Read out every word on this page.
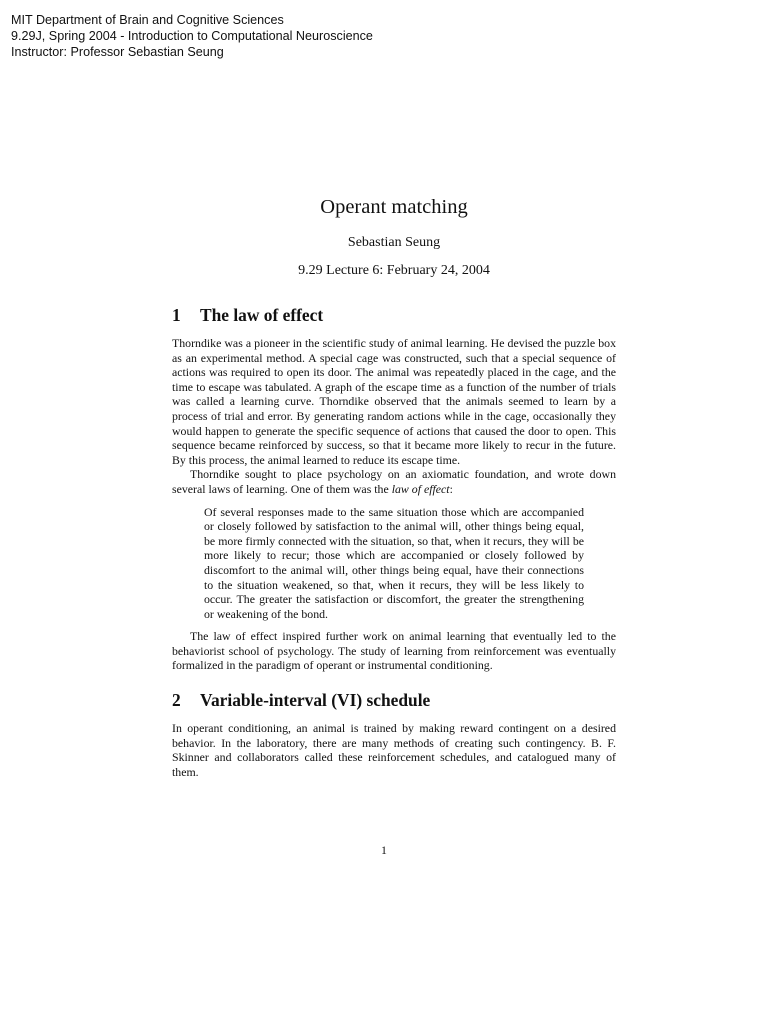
MIT Department of Brain and Cognitive Sciences
9.29J, Spring 2004 - Introduction to Computational Neuroscience
Instructor: Professor Sebastian Seung
Operant matching
Sebastian Seung
9.29 Lecture 6: February 24, 2004
1	The law of effect

Thorndike was a pioneer in the scientific study of animal learning. He devised the puzzle box as an experimental method. A special cage was constructed, such that a special sequence of actions was required to open its door. The animal was repeatedly placed in the cage, and the time to escape was tabulated. A graph of the escape time as a function of the number of trials was called a learning curve. Thorndike observed that the animals seemed to learn by a process of trial and error. By generating random actions while in the cage, occasionally they would happen to generate the specific sequence of actions that caused the door to open. This sequence became reinforced by success, so that it became more likely to recur in the future. By this process, the animal learned to reduce its escape time.

Thorndike sought to place psychology on an axiomatic foundation, and wrote down several laws of learning. One of them was the law of effect:

Of several responses made to the same situation those which are accompanied or closely followed by satisfaction to the animal will, other things being equal, be more firmly connected with the situation, so that, when it recurs, they will be more likely to recur; those which are accompanied or closely followed by discomfort to the animal will, other things being equal, have their connections to the situation weakened, so that, when it recurs, they will be less likely to occur. The greater the satisfaction or discomfort, the greater the strengthening or weakening of the bond.

The law of effect inspired further work on animal learning that eventually led to the behaviorist school of psychology. The study of learning from reinforcement was eventually formalized in the paradigm of operant or instrumental conditioning.

2	Variable-interval (VI) schedule

In operant conditioning, an animal is trained by making reward contingent on a desired behavior. In the laboratory, there are many methods of creating such contingency. B. F. Skinner and collaborators called these reinforcement schedules, and catalogued many of them.

1
